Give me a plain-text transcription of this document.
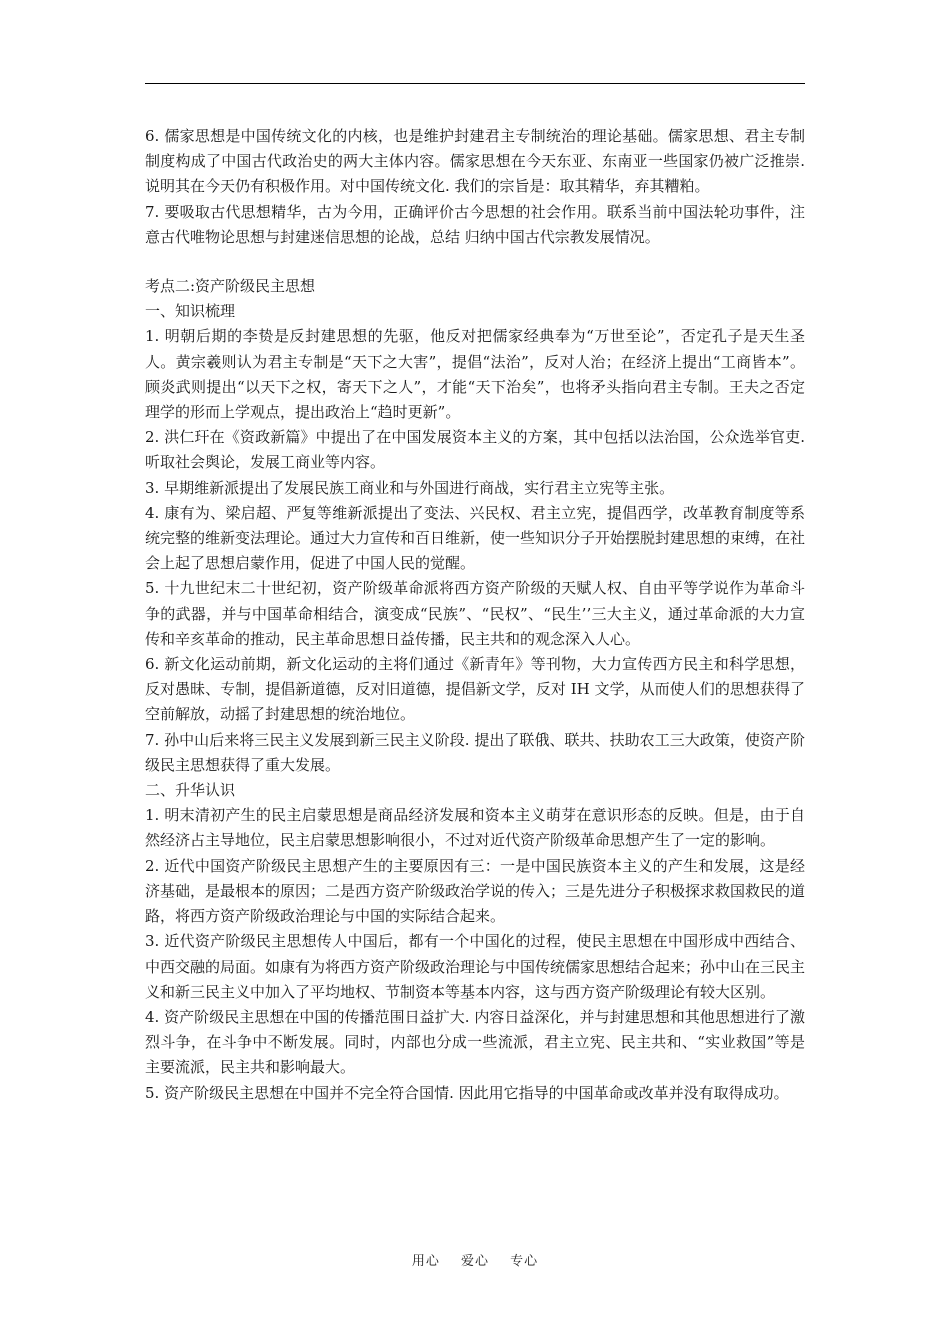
6. 儒家思想是中国传统文化的内核，也是维护封建君主专制统治的理论基础。儒家思想、君主专制制度构成了中国古代政治史的两大主体内容。儒家思想在今天东亚、东南亚一些国家仍被广泛推崇. 说明其在今天仍有积极作用。对中国传统文化. 我们的宗旨是：取其精华，弃其糟粕。

7. 要吸取古代思想精华，古为今用，正确评价古今思想的社会作用。联系当前中国法轮功事件，注意古代唯物论思想与封建迷信思想的论战，总结 归纳中国古代宗教发展情况。

考点二:资产阶级民主思想

一、知识梳理

1. 明朝后期的李贽是反封建思想的先驱，他反对把儒家经典奉为“万世至论”，否定孔子是天生圣人。黄宗羲则认为君主专制是“天下之大害”，提倡“法治”，反对人治；在经济上提出“工商皆本”。顾炎武则提出“以天下之权，寄天下之人”，才能“天下治矣”，也将矛头指向君主专制。王夫之否定理学的形而上学观点，提出政治上“趋时更新”。

2. 洪仁玕在《资政新篇》中提出了在中国发展资本主义的方案，其中包括以法治国，公众选举官吏. 听取社会舆论，发展工商业等内容。

3. 早期维新派提出了发展民族工商业和与外国进行商战，实行君主立宪等主张。

4. 康有为、梁启超、严复等维新派提出了变法、兴民权、君主立宪，提倡西学，改革教育制度等系统完整的维新变法理论。通过大力宣传和百日维新，使一些知识分子开始摆脱封建思想的束缚，在社会上起了思想启蒙作用，促进了中国人民的觉醒。

5. 十九世纪末二十世纪初，资产阶级革命派将西方资产阶级的天赋人权、自由平等学说作为革命斗争的武器，并与中国革命相结合，演变成“民族”、“民权”、“民生’’三大主义，通过革命派的大力宣传和辛亥革命的推动，民主革命思想日益传播，民主共和的观念深入人心。

6. 新文化运动前期，新文化运动的主将们通过《新青年》等刊物，大力宣传西方民主和科学思想，反对愚昧、专制，提倡新道德，反对旧道德，提倡新文学，反对 IH 文学，从而使人们的思想获得了空前解放，动摇了封建思想的统治地位。

7. 孙中山后来将三民主义发展到新三民主义阶段. 提出了联俄、联共、扶助农工三大政策，使资产阶级民主思想获得了重大发展。

二、升华认识

1. 明末清初产生的民主启蒙思想是商品经济发展和资本主义萌芽在意识形态的反映。但是，由于自然经济占主导地位，民主启蒙思想影响很小，不过对近代资产阶级革命思想产生了一定的影响。

2. 近代中国资产阶级民主思想产生的主要原因有三：一是中国民族资本主义的产生和发展，这是经济基础，是最根本的原因；二是西方资产阶级政治学说的传入；三是先进分子积极探求救国救民的道路，将西方资产阶级政治理论与中国的实际结合起来。

3. 近代资产阶级民主思想传人中国后，都有一个中国化的过程，使民主思想在中国形成中西结合、中西交融的局面。如康有为将西方资产阶级政治理论与中国传统儒家思想结合起来；孙中山在三民主义和新三民主义中加入了平均地权、节制资本等基本内容，这与西方资产阶级理论有较大区别。

4. 资产阶级民主思想在中国的传播范围日益扩大. 内容日益深化，并与封建思想和其他思想进行了激烈斗争，在斗争中不断发展。同时，内部也分成一些流派，君主立宪、民主共和、“实业救国”等是主要流派，民主共和影响最大。

5. 资产阶级民主思想在中国并不完全符合国情. 因此用它指导的中国革命或改革并没有取得成功。

用心 爱心 专心
